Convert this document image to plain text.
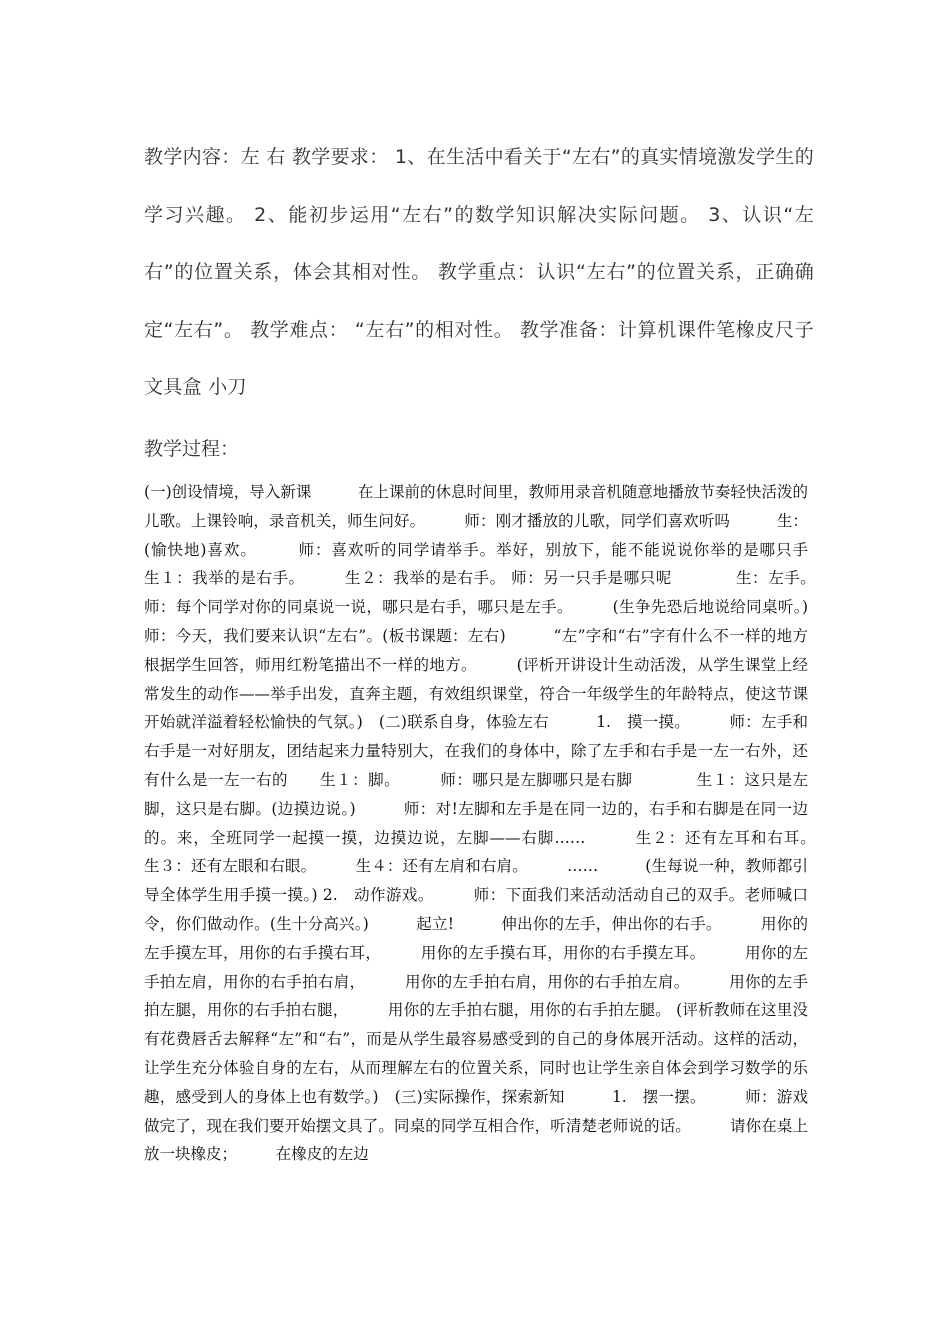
教学内容：左 右 教学要求： 1、在生活中看关于“左右”的真实情境激发学生的学习兴趣。 2、能初步运用“左右”的数学知识解决实际问题。 3、认识“左右”的位置关系，体会其相对性。 教学重点：认识“左右”的位置关系，正确确定“左右”。 教学难点： “左右”的相对性。 教学准备：计算机课件笔橡皮尺子 文具盒 小刀

教学过程：

(一)创设情境，导入新课　　　在上课前的休息时间里，教师用录音机随意地播放节奏轻快活泼的儿歌。上课铃响，录音机关，师生问好。　　　师：刚才播放的儿歌，同学们喜欢听吗　　　生：(愉快地)喜欢。　　　师：喜欢听的同学请举手。举好，别放下，能不能说说你举的是哪只手　　　　生１：我举的是右手。　　　生２：我举的是右手。 师：另一只手是哪只呢　　　　生：左手。　　　师：每个同学对你的同桌说一说，哪只是右手，哪只是左手。　　　(生争先恐后地说给同桌听。)　　　师：今天，我们要来认识“左右”。(板书课题：左右)　　　“左”字和“右”字有什么不一样的地方 根据学生回答，师用红粉笔描出不一样的地方。　　　(评析开讲设计生动活泼，从学生课堂上经常发生的动作——举手出发，直奔主题，有效组织课堂，符合一年级学生的年龄特点，使这节课开始就洋溢着轻松愉快的气氛。)　(二)联系自身，体验左右　　　1.　摸一摸。　　　师：左手和右手是一对好朋友，团结起来力量特别大，在我们的身体中，除了左手和右手是一左一右外，还有什么是一左一右的　　生１：脚。　　　师：哪只是左脚哪只是右脚　　　　生１：这只是左脚，这只是右脚。(边摸边说。)　　　师：对!左脚和左手是在同一边的，右手和右脚是在同一边的。来，全班同学一起摸一摸，边摸边说，左脚——右脚……　　　生２：还有左耳和右耳。　　　生３：还有左眼和右眼。　　　生４：还有左肩和右肩。　　　……　　　(生每说一种，教师都引导全体学生用手摸一摸。) 2.　动作游戏。　　　师：下面我们来活动活动自己的双手。老师喊口令，你们做动作。(生十分高兴。)　　　起立!　　　伸出你的左手，伸出你的右手。　　　用你的左手摸左耳，用你的右手摸右耳，　　　用你的左手摸右耳，用你的右手摸左耳。　　　用你的左手拍左肩，用你的右手拍右肩，　　　用你的左手拍右肩，用你的右手拍左肩。　　　用你的左手拍左腿，用你的右手拍右腿，　　　用你的左手拍右腿，用你的右手拍左腿。 (评析教师在这里没有花费唇舌去解释“左”和“右”，而是从学生最容易感受到的自己的身体展开活动。这样的活动，让学生充分体验自身的左右，从而理解左右的位置关系，同时也让学生亲自体会到学习数学的乐趣，感受到人的身体上也有数学。)　(三)实际操作，探索新知　　　1.　摆一摆。　　　师：游戏做完了，现在我们要开始摆文具了。同桌的同学互相合作，听清楚老师说的话。　　　请你在桌上放一块橡皮；　　　在橡皮的左边
